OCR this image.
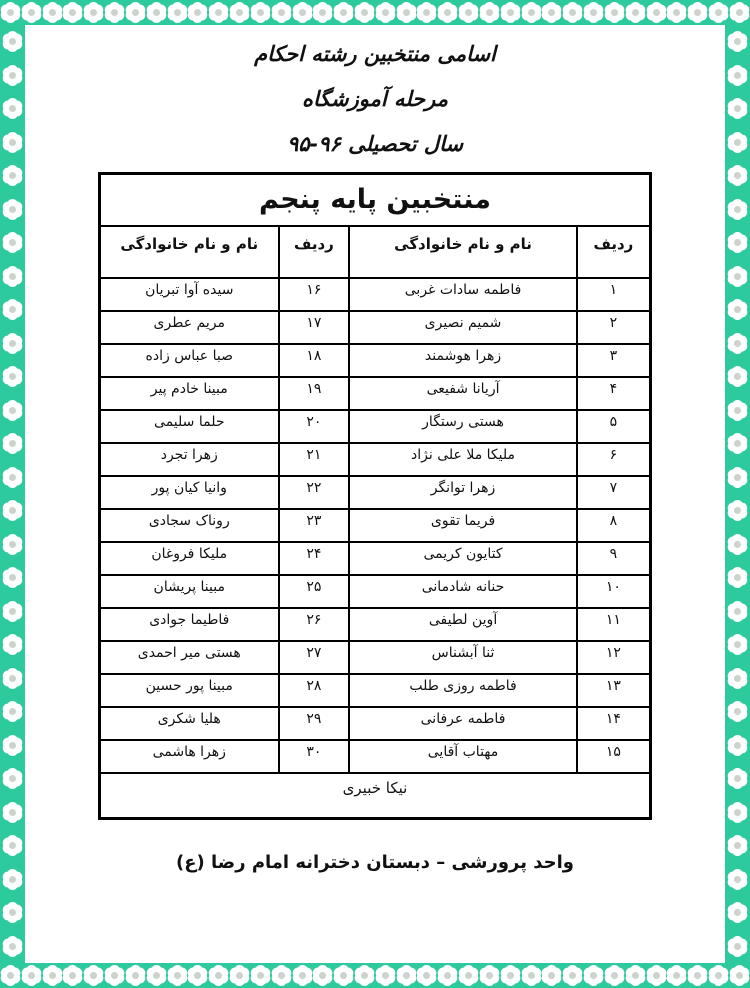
اسامی منتخبین رشته احکام
مرحله آموزشگاه
سال تحصیلی ۹۶-۹۵
منتخبین پایه پنجم			
ردیف	نام و نام خانوادگی	ردیف	نام و نام خانوادگی
۱	فاطمه سادات غربی	۱۶	سیده آوا تبریان
۲	شمیم نصیری	۱۷	مریم عطری
۳	زهرا هوشمند	۱۸	صبا عباس زاده
۴	آریانا شفیعی	۱۹	مبینا خادم پیر
۵	هستی رستگار	۲۰	حلما سلیمی
۶	ملیکا ملا علی نژاد	۲۱	زهرا تجرد
۷	زهرا توانگر	۲۲	وانیا کیان پور
۸	فریما تقوی	۲۳	روناک سجادی
۹	کتایون کریمی	۲۴	ملیکا فروغان
۱۰	حنانه شادمانی	۲۵	مبینا پریشان
۱۱	آوین لطیفی	۲۶	فاطیما جوادی
۱۲	ثنا آبشناس	۲۷	هستی میر احمدی
۱۳	فاطمه روزی طلب	۲۸	مبینا پور حسین
۱۴	فاطمه عرفانی	۲۹	هلیا شکری
۱۵	مهتاب آقایی	۳۰	زهرا هاشمی
نیکا خبیری			
واحد پرورشی – دبستان دخترانه امام رضا (ع)
